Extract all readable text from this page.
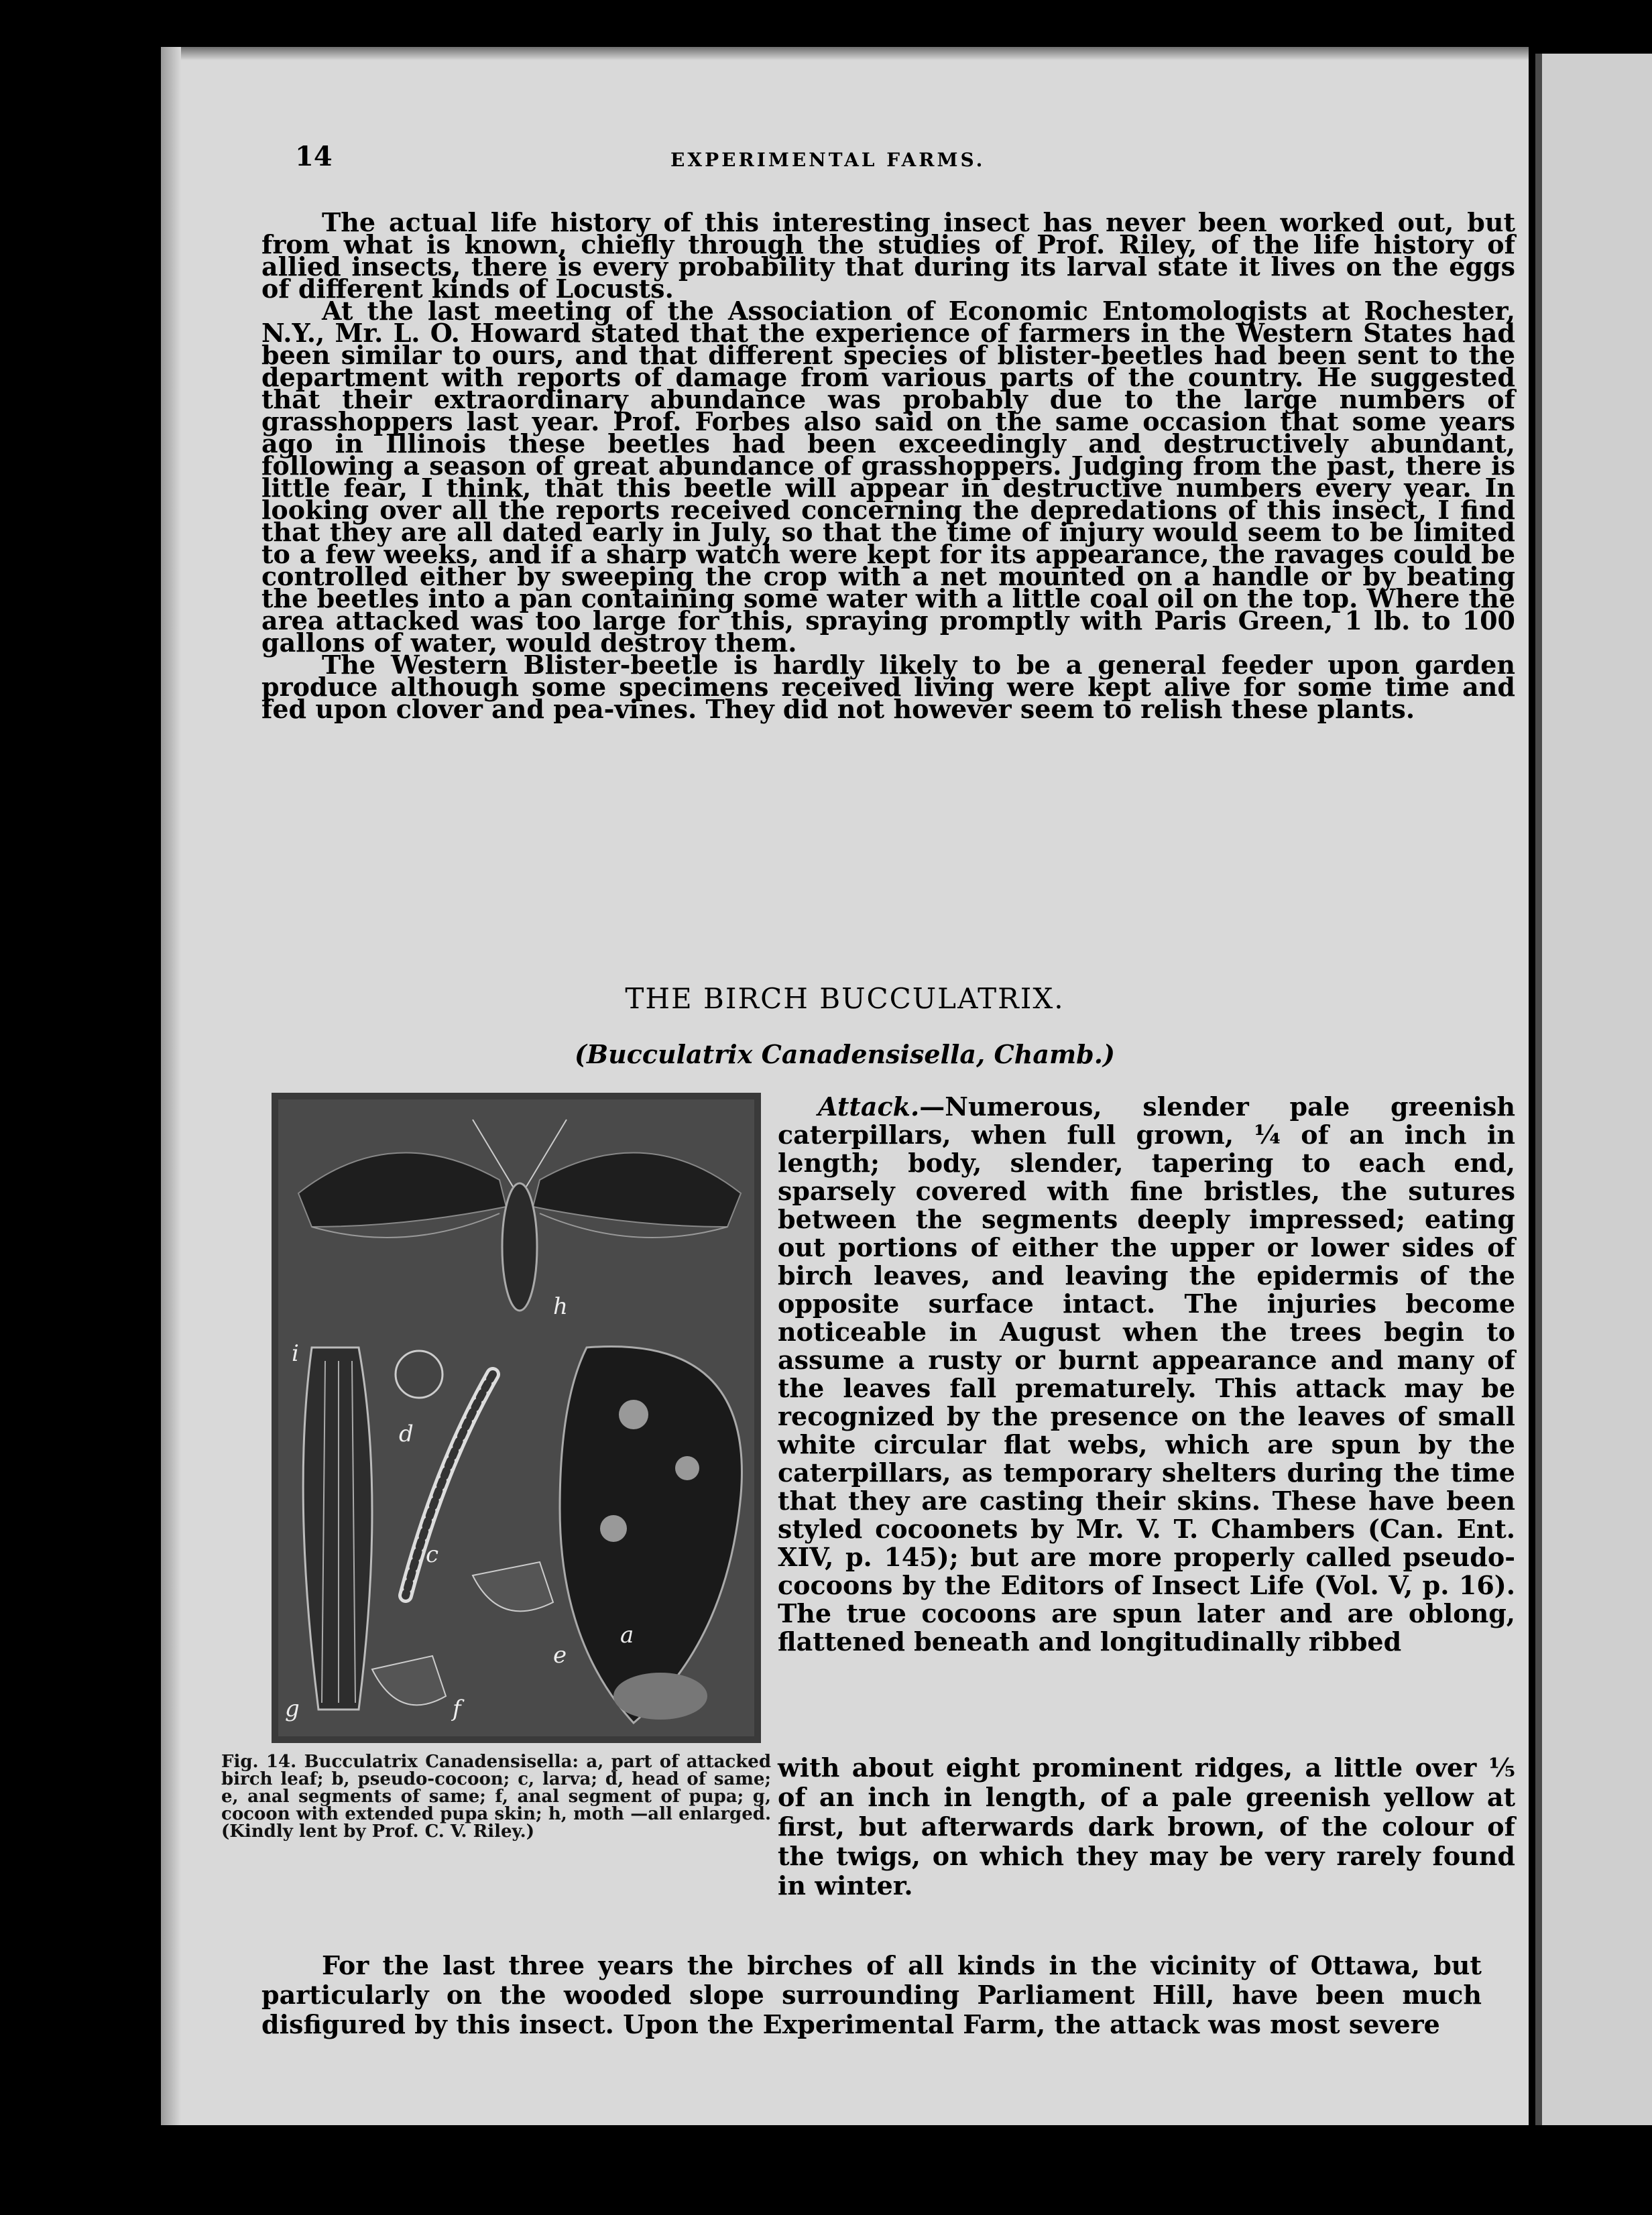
14	EXPERIMENTAL FARMS.

The actual life history of this interesting insect has never been worked out, but from what is known, chiefly through the studies of Prof. Riley, of the life history of allied insects, there is every probability that during its larval state it lives on the eggs of different kinds of Locusts.

At the last meeting of the Association of Economic Entomologists at Rochester, N.Y., Mr. L. O. Howard stated that the experience of farmers in the Western States had been similar to ours, and that different species of blister-beetles had been sent to the department with reports of damage from various parts of the country. He suggested that their extraordinary abundance was probably due to the large numbers of grasshoppers last year. Prof. Forbes also said on the same occasion that some years ago in Illinois these beetles had been exceedingly and destructively abundant, following a season of great abundance of grasshoppers. Judging from the past, there is little fear, I think, that this beetle will appear in destructive numbers every year. In looking over all the reports received concerning the depredations of this insect, I find that they are all dated early in July, so that the time of injury would seem to be limited to a few weeks, and if a sharp watch were kept for its appearance, the ravages could be controlled either by sweeping the crop with a net mounted on a handle or by beating the beetles into a pan containing some water with a little coal oil on the top. Where the area attacked was too large for this, spraying promptly with Paris Green, 1 lb. to 100 gallons of water, would destroy them.

The Western Blister-beetle is hardly likely to be a general feeder upon garden produce although some specimens received living were kept alive for some time and fed upon clover and pea-vines. They did not however seem to relish these plants.

THE BIRCH BUCCULATRIX.
(Bucculatrix Canadensisella, Chamb.)
h
d
i
c
e
f
g
a
Fig. 14. Bucculatrix Canadensisella: a, part of attacked birch leaf; b, pseudo-cocoon; c, larva; d, head of same; e, anal segments of same; f, anal segment of pupa; g, cocoon with extended pupa skin; h, moth —all enlarged. (Kindly lent by Prof. C. V. Riley.)

Attack.—Numerous, slender pale greenish caterpillars, when full grown, ¼ of an inch in length; body, slender, tapering to each end, sparsely covered with fine bristles, the sutures between the segments deeply impressed; eating out portions of either the upper or lower sides of birch leaves, and leaving the epidermis of the opposite surface intact. The injuries become noticeable in August when the trees begin to assume a rusty or burnt appearance and many of the leaves fall prematurely. This attack may be recognized by the presence on the leaves of small white circular flat webs, which are spun by the caterpillars, as temporary shelters during the time that they are casting their skins. These have been styled cocoonets by Mr. V. T. Chambers (Can. Ent. XIV, p. 145); but are more properly called pseudo-cocoons by the Editors of Insect Life (Vol. V, p. 16). The true cocoons are spun later and are oblong, flattened beneath and longitudinally ribbed

with about eight prominent ridges, a little over ⅕ of an inch in length, of a pale greenish yellow at first, but afterwards dark brown, of the colour of the twigs, on which they may be very rarely found in winter.

For the last three years the birches of all kinds in the vicinity of Ottawa, but particularly on the wooded slope surrounding Parliament Hill, have been much disfigured by this insect. Upon the Experimental Farm, the attack was most severe
